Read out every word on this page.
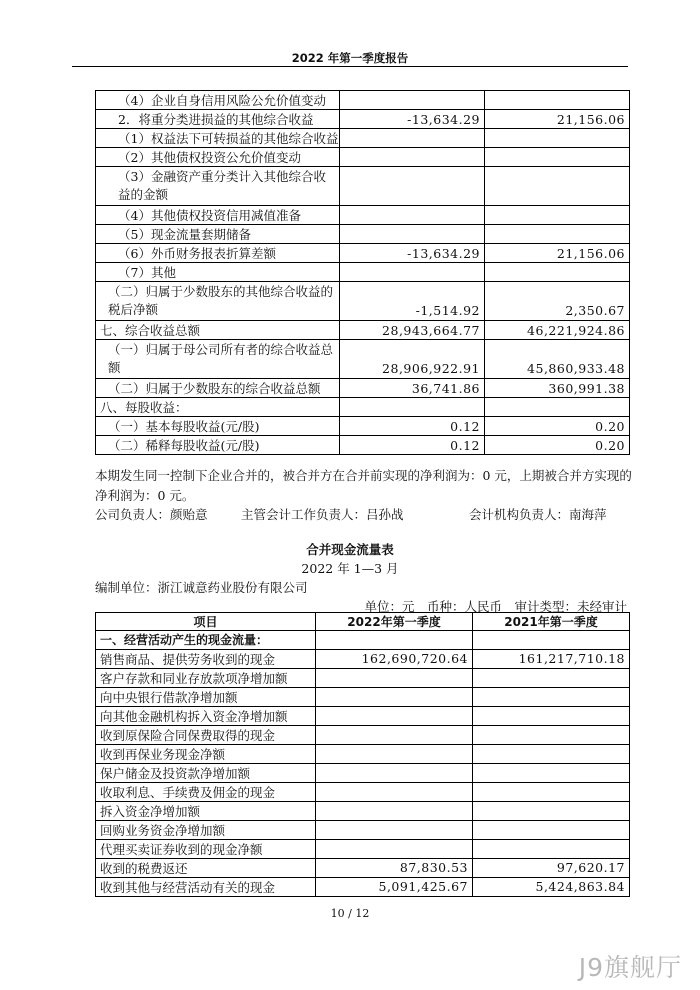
2022 年第一季度报告
（4）企业自身信用风险公允价值变动		
2．将重分类进损益的其他综合收益	-13,634.29	21,156.06
（1）权益法下可转损益的其他综合收益		
（2）其他债权投资公允价值变动		
（3）金融资产重分类计入其他综合收益的金额		
（4）其他债权投资信用减值准备		
（5）现金流量套期储备		
（6）外币财务报表折算差额	-13,634.29	21,156.06
（7）其他		
（二）归属于少数股东的其他综合收益的税后净额	-1,514.92	2,350.67
七、综合收益总额	28,943,664.77	46,221,924.86
（一）归属于母公司所有者的综合收益总额	28,906,922.91	45,860,933.48
（二）归属于少数股东的综合收益总额	36,741.86	360,991.38
八、每股收益：		
（一）基本每股收益(元/股)	0.12	0.20
（二）稀释每股收益(元/股)	0.12	0.20
本期发生同一控制下企业合并的，被合并方在合并前实现的净利润为：0 元，上期被合并方实现的净利润为：0 元。
公司负责人：颜贻意	主管会计工作负责人：吕孙战	会计机构负责人：南海萍
合并现金流量表
2022 年 1—3 月
编制单位：浙江诚意药业股份有限公司
单位：元　币种：人民币　审计类型：未经审计
项目	2022年第一季度	2021年第一季度
一、经营活动产生的现金流量：		
销售商品、提供劳务收到的现金	162,690,720.64	161,217,710.18
客户存款和同业存放款项净增加额		
向中央银行借款净增加额		
向其他金融机构拆入资金净增加额		
收到原保险合同保费取得的现金		
收到再保业务现金净额		
保户储金及投资款净增加额		
收取利息、手续费及佣金的现金		
拆入资金净增加额		
回购业务资金净增加额		
代理买卖证券收到的现金净额		
收到的税费返还	87,830.53	97,620.17
收到其他与经营活动有关的现金	5,091,425.67	5,424,863.84
10 / 12
J9旗舰厅
